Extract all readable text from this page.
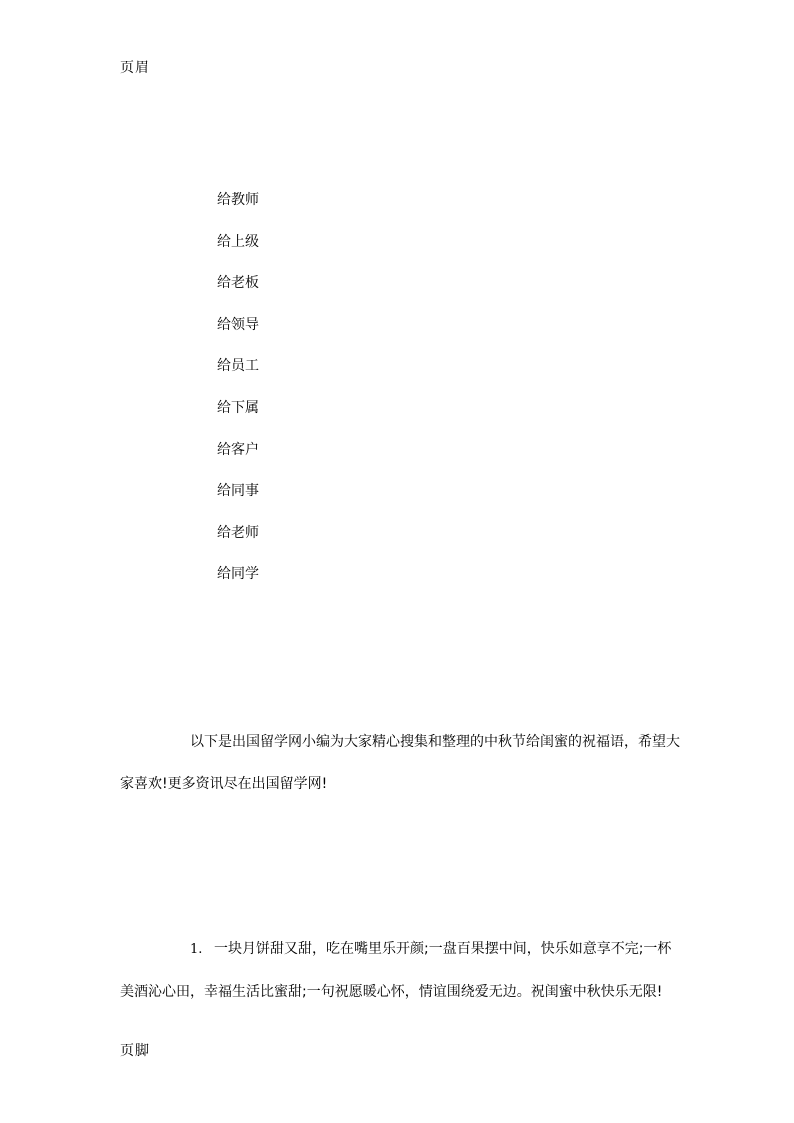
页眉
给教师
给上级
给老板
给领导
给员工
给下属
给客户
给同事
给老师
给同学

以下是出国留学网小编为大家精心搜集和整理的中秋节给闺蜜的祝福语，希望大家喜欢!更多资讯尽在出国留学网!

1. 一块月饼甜又甜，吃在嘴里乐开颜;一盘百果摆中间，快乐如意享不完;一杯美酒沁心田，幸福生活比蜜甜;一句祝愿暖心怀，情谊围绕爱无边。祝闺蜜中秋快乐无限!

页脚
